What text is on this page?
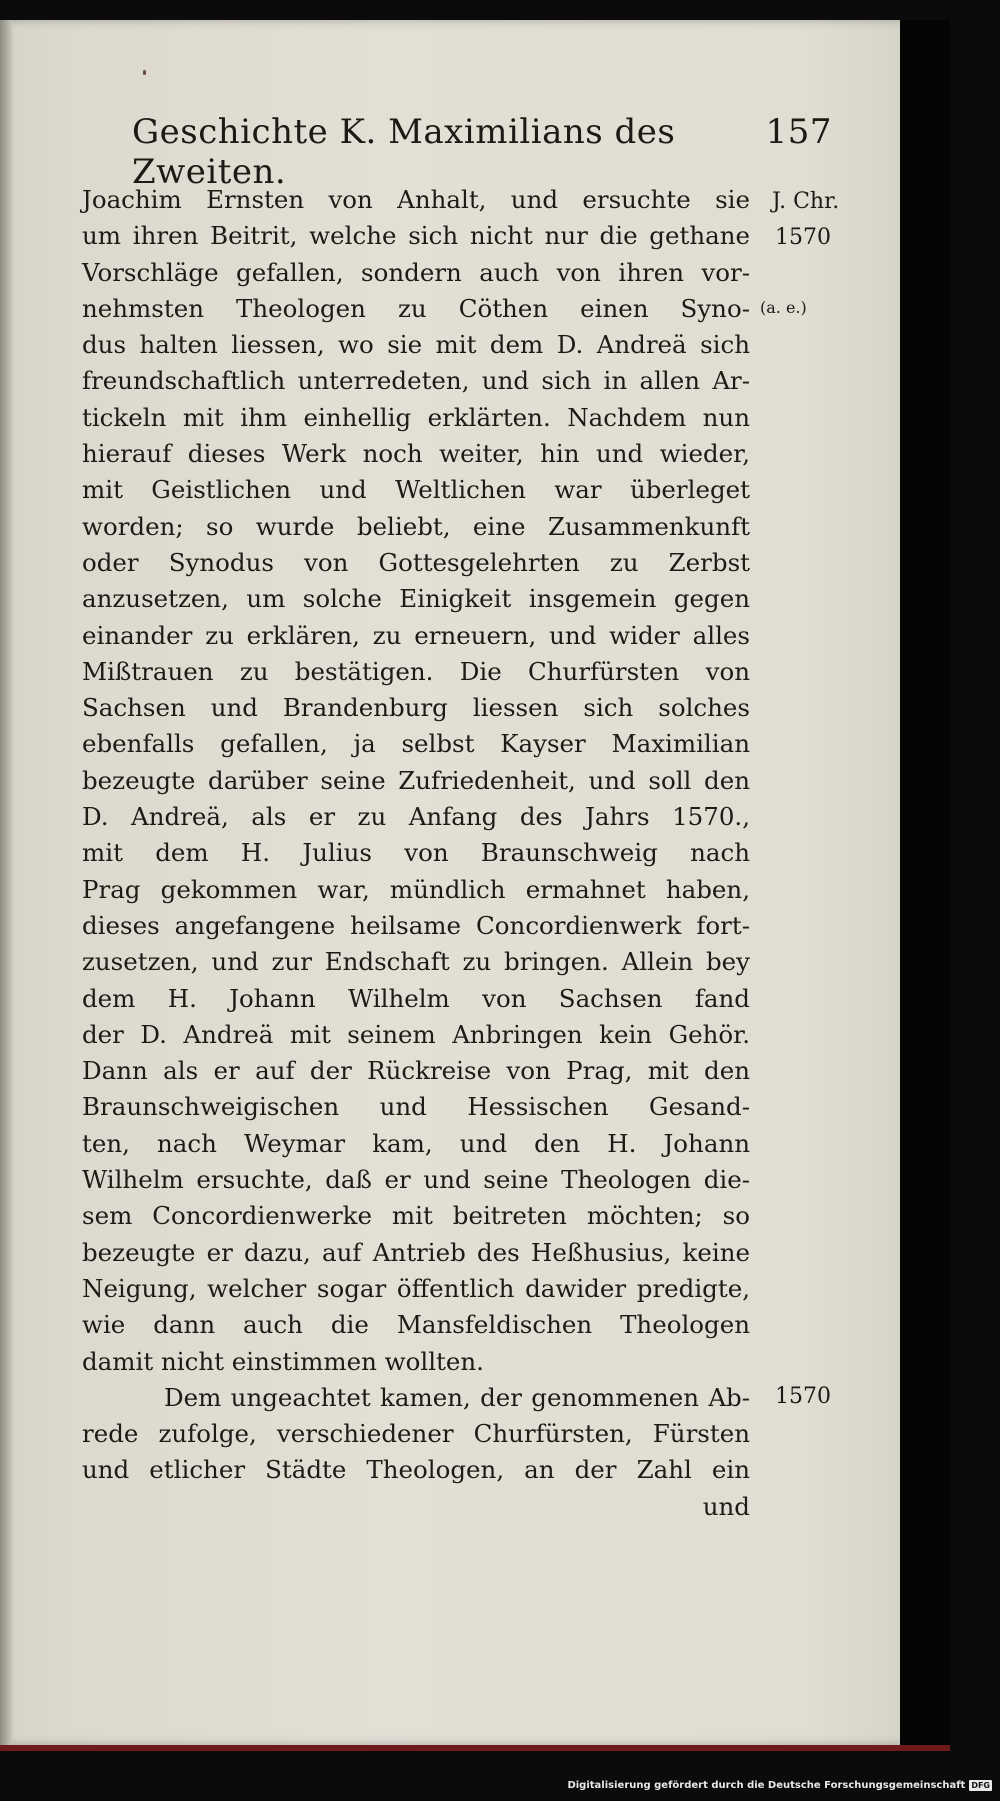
Geschichte K. Maximilians des Zweiten.
157
Joachim Ernsten von Anhalt, und ersuchte sie
um ihren Beitrit, welche sich nicht nur die gethane
Vorschläge gefallen, sondern auch von ihren vor-
nehmsten Theologen zu Cöthen einen Syno-
dus halten liessen, wo sie mit dem D. Andreä sich
freundschaftlich unterredeten, und sich in allen Ar-
tickeln mit ihm einhellig erklärten. Nachdem nun
hierauf dieses Werk noch weiter, hin und wieder,
mit Geistlichen und Weltlichen war überleget
worden; so wurde beliebt, eine Zusammenkunft
oder Synodus von Gottesgelehrten zu Zerbst
anzusetzen, um solche Einigkeit insgemein gegen
einander zu erklären, zu erneuern, und wider alles
Mißtrauen zu bestätigen. Die Churfürsten von
Sachsen und Brandenburg liessen sich solches
ebenfalls gefallen, ja selbst Kayser Maximilian
bezeugte darüber seine Zufriedenheit, und soll den
D. Andreä, als er zu Anfang des Jahrs 1570.,
mit dem H. Julius von Braunschweig nach
Prag gekommen war, mündlich ermahnet haben,
dieses angefangene heilsame Concordienwerk fort-
zusetzen, und zur Endschaft zu bringen. Allein bey
dem H. Johann Wilhelm von Sachsen fand
der D. Andreä mit seinem Anbringen kein Gehör.
Dann als er auf der Rückreise von Prag, mit den
Braunschweigischen und Hessischen Gesand-
ten, nach Weymar kam, und den H. Johann
Wilhelm ersuchte, daß er und seine Theologen die-
sem Concordienwerke mit beitreten möchten; so
bezeugte er dazu, auf Antrieb des Heßhusius, keine
Neigung, welcher sogar öffentlich dawider predigte,
wie dann auch die Mansfeldischen Theologen
damit nicht einstimmen wollten.
Dem ungeachtet kamen, der genommenen Ab-
rede zufolge, verschiedener Churfürsten, Fürsten
und etlicher Städte Theologen, an der Zahl ein
und
J. Chr.
1570
(a. e.)
1570
Digitalisierung gefördert durch die Deutsche Forschungsgemeinschaft DFG
